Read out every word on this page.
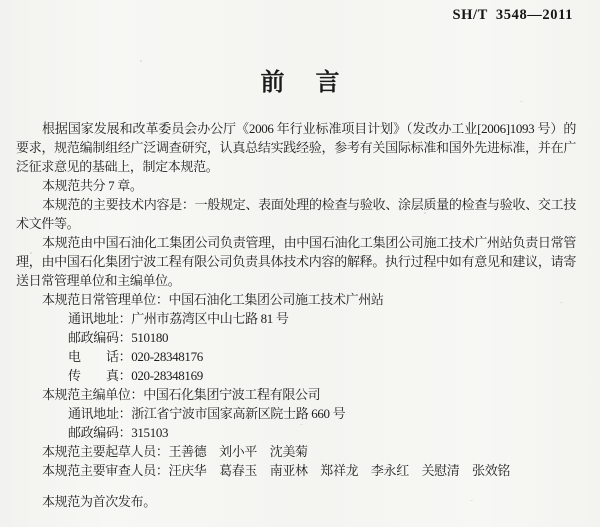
SH/T 3548—2011
前 言

根据国家发展和改革委员会办公厅《2006 年行业标准项目计划》（发改办工业[2006]1093 号）的要求，规范编制组经广泛调查研究，认真总结实践经验，参考有关国际标准和国外先进标准，并在广泛征求意见的基础上，制定本规范。

本规范共分 7 章。

本规范的主要技术内容是：一般规定、表面处理的检查与验收、涂层质量的检查与验收、交工技术文件等。

本规范由中国石油化工集团公司负责管理，由中国石油化工集团公司施工技术广州站负责日常管理，由中国石化集团宁波工程有限公司负责具体技术内容的解释。执行过程中如有意见和建议，请寄送日常管理单位和主编单位。

本规范日常管理单位：中国石油化工集团公司施工技术广州站

通讯地址：广州市荔湾区中山七路 81 号

邮政编码：510180

电　　话：020-28348176

传　　真：020-28348169

本规范主编单位：中国石化集团宁波工程有限公司

通讯地址：浙江省宁波市国家高新区院士路 660 号

邮政编码：315103

本规范主要起草人员：王善德　刘小平　沈美菊

本规范主要审查人员：汪庆华　葛春玉　南亚林　郑祥龙　李永红　关慰清　张效铭

本规范为首次发布。
